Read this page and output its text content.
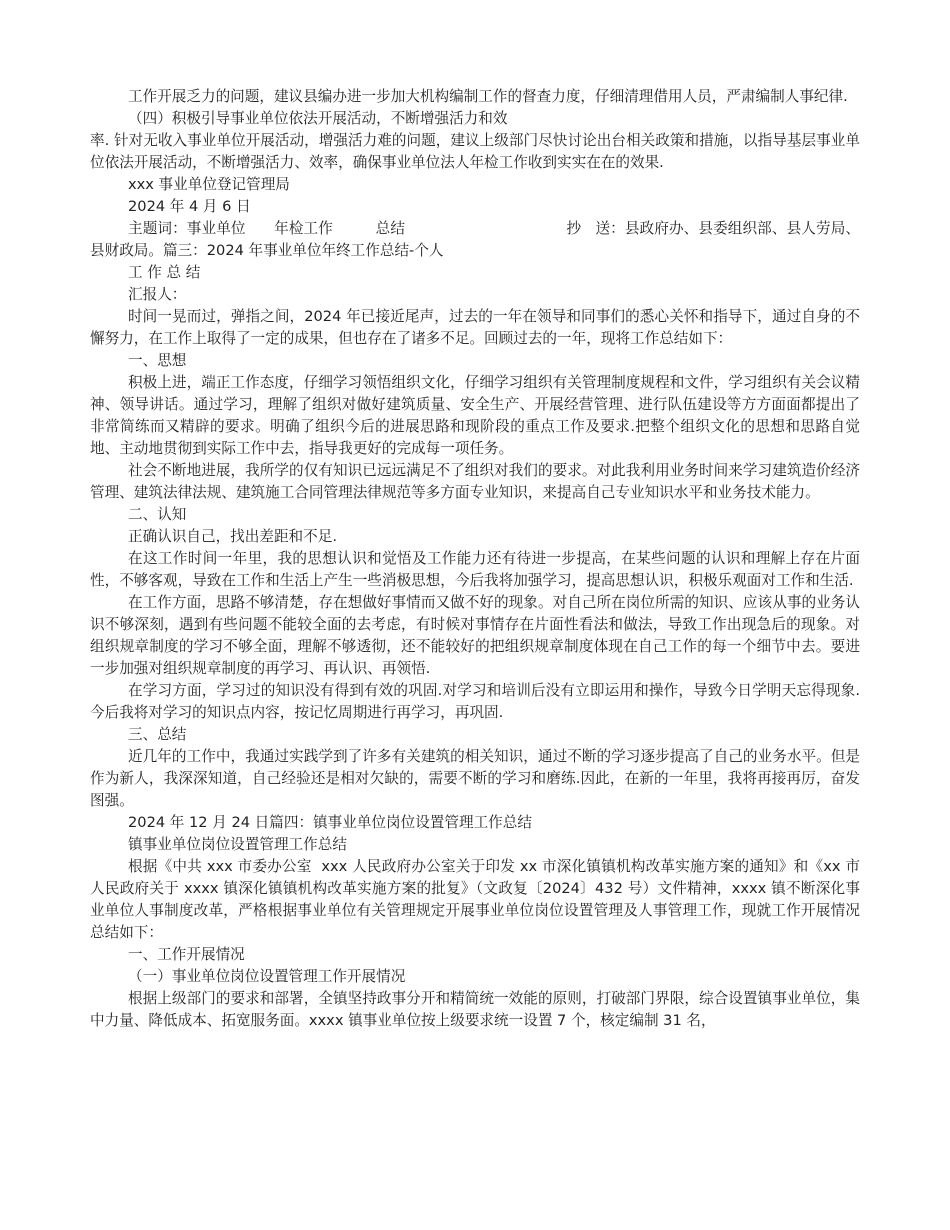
工作开展乏力的问题，建议县编办进一步加大机构编制工作的督查力度，仔细清理借用人员，严肃编制人事纪律.

（四）积极引导事业单位依法开展活动，不断增强活力和效

率. 针对无收入事业单位开展活动，增强活力难的问题，建议上级部门尽快讨论出台相关政策和措施，以指导基层事业单位依法开展活动，不断增强活力、效率，确保事业单位法人年检工作收到实实在在的效果.

xxx 事业单位登记管理局

2024 年 4 月 6 日

主题词：事业单位      年检工作         总结                                  抄   送：县政府办、县委组织部、县人劳局、县财政局。篇三：2024 年事业单位年终工作总结-个人

工 作 总 结

汇报人：

时间一晃而过，弹指之间，2024 年已接近尾声，过去的一年在领导和同事们的悉心关怀和指导下，通过自身的不懈努力，在工作上取得了一定的成果，但也存在了诸多不足。回顾过去的一年，现将工作总结如下：

一、思想

积极上进，端正工作态度，仔细学习领悟组织文化，仔细学习组织有关管理制度规程和文件，学习组织有关会议精神、领导讲话。通过学习，理解了组织对做好建筑质量、安全生产、开展经营管理、进行队伍建设等方方面面都提出了非常简练而又精辟的要求。明确了组织今后的进展思路和现阶段的重点工作及要求.把整个组织文化的思想和思路自觉地、主动地贯彻到实际工作中去，指导我更好的完成每一项任务。

社会不断地进展，我所学的仅有知识已远远满足不了组织对我们的要求。对此我利用业务时间来学习建筑造价经济管理、建筑法律法规、建筑施工合同管理法律规范等多方面专业知识，来提高自己专业知识水平和业务技术能力。

二、认知

正确认识自己，找出差距和不足.

在这工作时间一年里，我的思想认识和觉悟及工作能力还有待进一步提高，在某些问题的认识和理解上存在片面性，不够客观，导致在工作和生活上产生一些消极思想，今后我将加强学习，提高思想认识，积极乐观面对工作和生活.

在工作方面，思路不够清楚，存在想做好事情而又做不好的现象。对自己所在岗位所需的知识、应该从事的业务认识不够深刻，遇到有些问题不能较全面的去考虑，有时候对事情存在片面性看法和做法，导致工作出现急后的现象。对组织规章制度的学习不够全面，理解不够透彻，还不能较好的把组织规章制度体现在自己工作的每一个细节中去。要进一步加强对组织规章制度的再学习、再认识、再领悟.

在学习方面，学习过的知识没有得到有效的巩固.对学习和培训后没有立即运用和操作，导致今日学明天忘得现象.今后我将对学习的知识点内容，按记忆周期进行再学习，再巩固.

三、总结

近几年的工作中，我通过实践学到了许多有关建筑的相关知识，通过不断的学习逐步提高了自己的业务水平。但是作为新人，我深深知道，自己经验还是相对欠缺的，需要不断的学习和磨练.因此，在新的一年里，我将再接再厉，奋发图强。

2024 年 12 月 24 日篇四：镇事业单位岗位设置管理工作总结

镇事业单位岗位设置管理工作总结

根据《中共 xxx 市委办公室  xxx 人民政府办公室关于印发 xx 市深化镇镇机构改革实施方案的通知》和《xx 市人民政府关于 xxxx 镇深化镇镇机构改革实施方案的批复》（文政复〔2024〕432 号）文件精神，xxxx 镇不断深化事业单位人事制度改革，严格根据事业单位有关管理规定开展事业单位岗位设置管理及人事管理工作，现就工作开展情况总结如下：

一、工作开展情况

（一）事业单位岗位设置管理工作开展情况

根据上级部门的要求和部署，全镇坚持政事分开和精简统一效能的原则，打破部门界限，综合设置镇事业单位，集中力量、降低成本、拓宽服务面。xxxx 镇事业单位按上级要求统一设置 7 个，核定编制 31 名，
